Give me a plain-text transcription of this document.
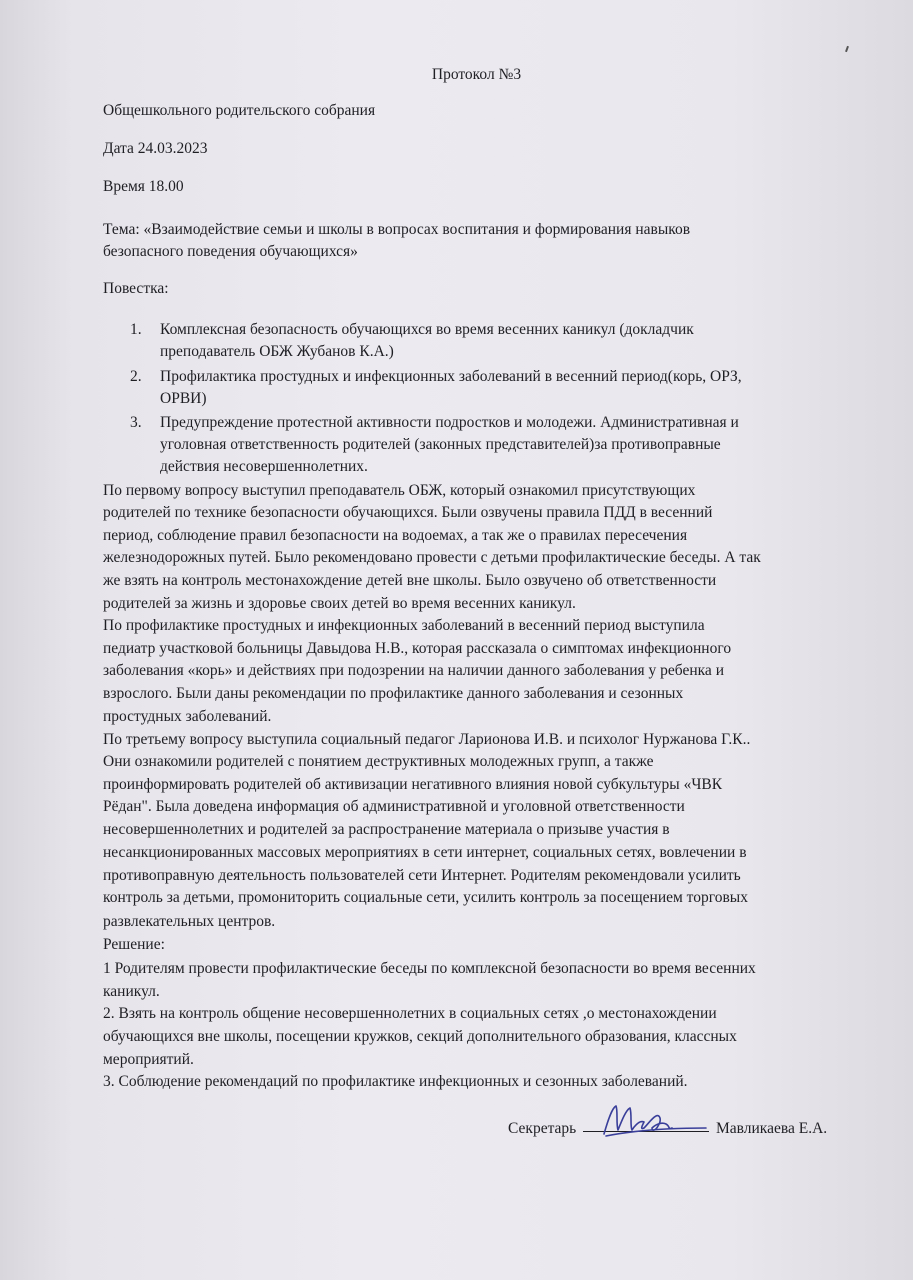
Протокол №3

Общешкольного родительского собрания

Дата 24.03.2023

Время 18.00

Тема: «Взаимодействие семьи и школы в вопросах воспитания и формирования навыков

безопасного поведения обучающихся»

Повестка:

1. Комплексная безопасность обучающихся во время весенних каникул (докладчик

преподаватель ОБЖ Жубанов К.А.)

2. Профилактика простудных и инфекционных заболеваний в весенний период(корь, ОРЗ,

ОРВИ)

3. Предупреждение протестной активности подростков и молодежи. Административная и

уголовная ответственность родителей (законных представителей)за противоправные

действия несовершеннолетних.

По первому вопросу выступил преподаватель ОБЖ, который ознакомил присутствующих

родителей по технике безопасности обучающихся. Были озвучены правила ПДД в весенний

период, соблюдение правил безопасности на водоемах, а так же о правилах пересечения

железнодорожных путей. Было рекомендовано провести с детьми профилактические беседы. А так

же взять на контроль местонахождение детей вне школы. Было озвучено об ответственности

родителей за жизнь и здоровье своих детей во время весенних каникул.

По профилактике простудных и инфекционных заболеваний в весенний период выступила

педиатр участковой больницы Давыдова Н.В., которая рассказала о симптомах инфекционного

заболевания «корь» и действиях при подозрении на наличии данного заболевания у ребенка и

взрослого. Были даны рекомендации по профилактике данного заболевания и сезонных

простудных заболеваний.

По третьему вопросу выступила социальный педагог Ларионова И.В. и психолог Нуржанова Г.К..

Они ознакомили родителей с понятием деструктивных молодежных групп, а также

проинформировать родителей об активизации негативного влияния новой субкультуры «ЧВК

Рёдан". Была доведена информация об административной и уголовной ответственности

несовершеннолетних и родителей за распространение материала о призыве участия в

несанкционированных массовых мероприятиях в сети интернет, социальных сетях, вовлечении в

противоправную деятельность пользователей сети Интернет. Родителям рекомендовали усилить

контроль за детьми, промониторить социальные сети, усилить контроль за посещением торговых

развлекательных центров.

Решение:

1 Родителям провести профилактические беседы по комплексной безопасности во время весенних

каникул.

2. Взять на контроль общение несовершеннолетних в социальных сетях ,о местонахождении

обучающихся вне школы, посещении кружков, секций дополнительного образования, классных

мероприятий.

3. Соблюдение рекомендаций по профилактике инфекционных и сезонных заболеваний.

Секретарь	Мавликаева Е.А.
